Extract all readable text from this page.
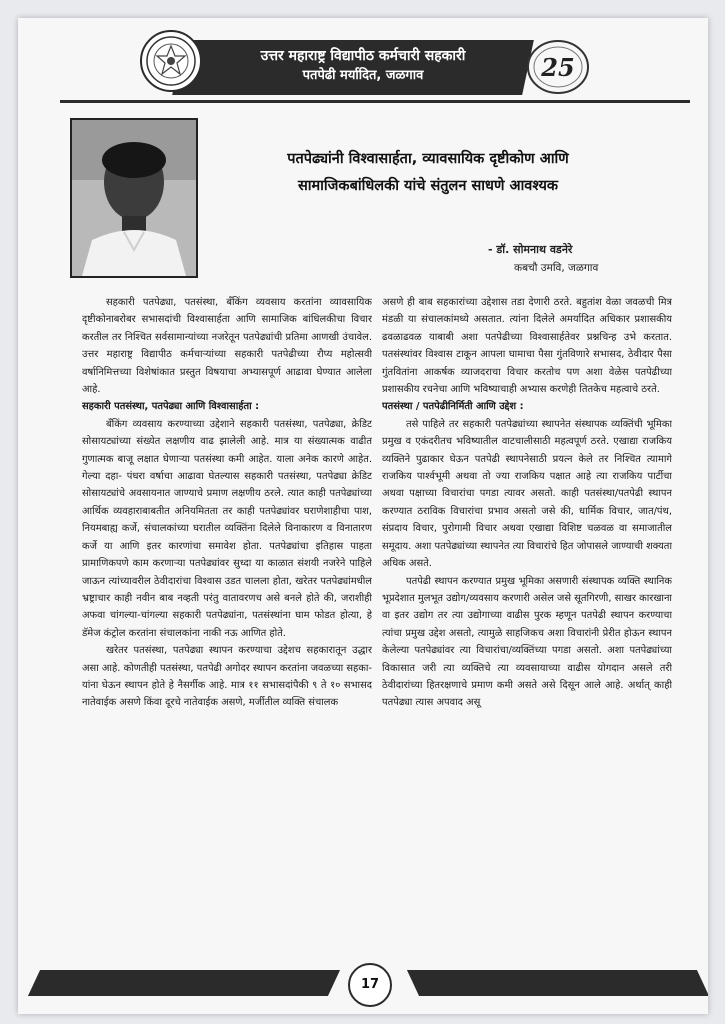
उत्तर महाराष्ट्र विद्यापीठ कर्मचारी सहकारी
पतपेढी मर्यादित, जळगाव	25
पतपेढ्यांनी विश्वासार्हता, व्यावसायिक दृष्टीकोण आणि
सामाजिकबांधिलकी यांचे संतुलन साधणे आवश्यक
- डॉ. सोमनाथ वडनेरे
कबचौ उमवि, जळगाव

सहकारी पतपेढ्या, पतसंस्था, बँकिंग व्यवसाय करतांना व्यावसायिक दृष्टीकोनाबरोबर सभासदांची विश्वासार्हता आणि सामाजिक बांधिलकीचा विचार करतील तर निश्चित सर्वसामान्यांच्या नजरेतून पतपेढ्यांची प्रतिमा आणखी उंचावेल. उत्तर महाराष्ट्र विद्यापीठ कर्मचाऱ्यांच्या सहकारी पतपेढीच्या रौप्य महोत्सवी वर्षानिमित्तच्या विशेषांकात प्रस्तुत विषयाचा अभ्यासपूर्ण आढावा घेण्यात आलेला आहे.

सहकारी पतसंस्था, पतपेढ्या आणि विश्वासार्हता :

बँकिंग व्यवसाय करण्याच्या उद्देशाने सहकारी पतसंस्था, पतपेढ्या, क्रेडिट सोसायट्यांच्या संख्येत लक्षणीय वाढ झालेली आहे. मात्र या संख्यात्मक वाढीत गुणात्मक बाजू लक्षात घेणाऱ्या पतसंस्था कमी आहेत. याला अनेक कारणे आहेत. गेल्या दहा- पंधरा वर्षाचा आढावा घेतल्यास सहकारी पतसंस्था, पतपेढ्या क्रेडिट सोसायट्यांचे अवसायनात जाण्याचे प्रमाण लक्षणीय ठरले. त्यात काही पतपेढ्यांच्या आर्थिक व्यवहाराबाबतीत अनियमितता तर काही पतपेढ्यांवर घराणेशाहीचा पाश, नियमबाह्य कर्जे, संचालकांच्या घरातील व्यक्तिंना दिलेले विनाकारण व विनातारण कर्जे या आणि इतर कारणांचा समावेश होता. पतपेढ्यांचा इतिहास पाहता प्रामाणिकपणे काम करणाऱ्या पतपेढ्यांवर सुध्दा या काळात संशयी नजरेने पाहिले जाऊन त्यांच्यावरील ठेवीदारांचा विश्वास उडत चालला होता, खरेतर पतपेढ्यांमधील भ्रष्ट्राचार काही नवीन बाब नव्हती परंतु वातावरणच असे बनले होते की, जराशीही अफवा चांगल्या-चांगल्या सहकारी पतपेढ्यांना, पतसंस्थांना घाम फोडत होत्या, हे डॅमेज कंट्रोल करतांना संचालकांना नाकी नऊ आणित होते.

खरेतर पतसंस्था, पतपेढ्या स्थापन करण्याचा उद्देशच सहकारातून उद्धार असा आहे. कोणतीही पतसंस्था, पतपेढी अगोदर स्थापन करतांना जवळच्या सहका-यांना घेऊन स्थापन होते हे नैसर्गीक आहे. मात्र ११ सभासदांपैकी ९ ते १० सभासद नातेवाईक असणे किंवा दूरचे नातेवाईक असणे, मर्जीतील व्यक्ति संचालक

असणे ही बाब सहकारांच्या उद्देशास तडा देणारी ठरते. बहुतांश वेळा जवळची मित्र मंडळी या संचालकांमध्ये असतात. त्यांना दिलेले अमर्यादित अधिकार प्रशासकीय ढवळाढवळ याबाबी अशा पतपेढीच्या विश्वासार्हतेवर प्रश्नचिन्ह उभे करतात. पतसंस्थांवर विश्वास टाकून आपला घामाचा पैसा गुंतविणारे सभासद, ठेवीदार पैसा गुंतवितांना आकर्षक व्याजदराचा विचार करतोच पण अशा वेळेस पतपेढीच्या प्रशासकीय रचनेचा आणि भविष्याचाही अभ्यास करणेही तितकेच महत्वाचे ठरते.

पतसंस्था / पतपेढीनिर्मिती आणि उद्देश :

तसे पाहिले तर सहकारी पतपेढ्यांच्या स्थापनेत संस्थापक व्यक्तिंची भूमिका प्रमुख व एकंदरीतच भविष्यातील वाटचालीसाठी महत्वपूर्ण ठरते. एखाद्या राजकिय व्यक्तिने पुढाकार घेऊन पतपेढी स्थापनेसाठी प्रयत्न केले तर निश्चित त्यामागे राजकिय पार्श्वभूमी अथवा तो ज्या राजकिय पक्षात आहे त्या राजकिय पार्टीचा अथवा पक्षाच्या विचारांचा पगडा त्यावर असतो. काही पतसंस्था/पतपेढी स्थापन करण्यात ठराविक विचारांचा प्रभाव असतो जसे की, धार्मिक विचार, जात/पंथ, संप्रदाय विचार, पुरोगामी विचार अथवा एखाद्या विशिष्ट चळवळ वा समाजातील समूदाय. अशा पतपेढ्यांच्या स्थापनेत त्या विचारांचे हित जोपासले जाण्याची शक्यता अधिक असते.

पतपेढी स्थापन करण्यात प्रमुख भूमिका असणारी संस्थापक व्यक्ति स्थानिक भूप्रदेशात मुलभूत उद्योग/व्यवसाय करणारी असेल जसे सूतगिरणी, साखर कारखाना वा इतर उद्योग तर त्या उद्योगाच्या वाढीस पुरक म्हणून पतपेढी स्थापन करण्याचा त्यांचा प्रमुख उद्देश असतो, त्यामुळे साहजिकच अशा विचारांनी प्रेरीत होऊन स्थापन केलेल्या पतपेढ्यांवर त्या विचारांचा/व्यक्तिंच्या पगडा असतो. अशा पतपेढ्यांच्या विकासात जरी त्या व्यक्तिचे त्या व्यवसायाच्या वाढीस योगदान असले तरी ठेवीदारांच्या हितरक्षणाचे प्रमाण कमी असते असे दिसून आले आहे. अर्थात् काही पतपेढ्या त्यास अपवाद असू

17
